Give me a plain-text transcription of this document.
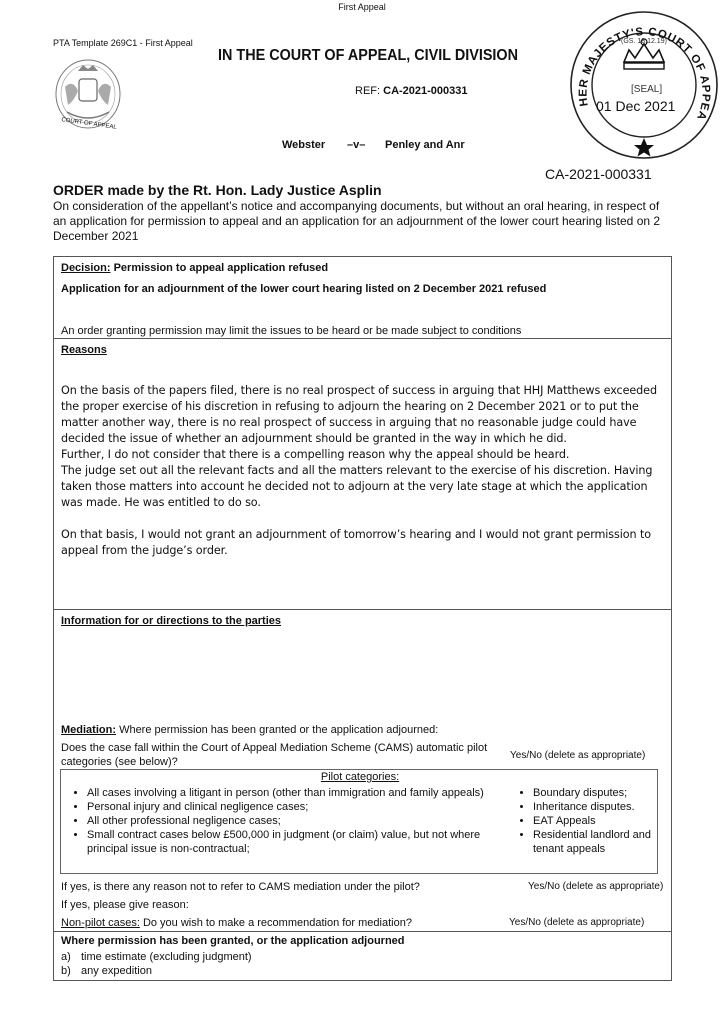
First Appeal
PTA Template 269C1 - First Appeal
IN THE COURT OF APPEAL, CIVIL DIVISION
REF: CA-2021-000331
COURT OF APPEAL
HER MAJESTY'S COURT OF APPEA
(GS. 18.12.19)
[SEAL]
01 Dec 2021
CA-2021-000331
Webster –v– Penley and Anr
ORDER made by the Rt. Hon. Lady Justice Asplin
On consideration of the appellant’s notice and accompanying documents, but without an oral hearing, in respect of an application for permission to appeal and an application for an adjournment of the lower court hearing listed on 2 December 2021
Decision: Permission to appeal application refused
Application for an adjournment of the lower court hearing listed on 2 December 2021 refused
An order granting permission may limit the issues to be heard or be made subject to conditions
Reasons
On the basis of the papers filed, there is no real prospect of success in arguing that HHJ Matthews exceeded the proper exercise of his discretion in refusing to adjourn the hearing on 2 December 2021 or to put the matter another way, there is no real prospect of success in arguing that no reasonable judge could have decided the issue of whether an adjournment should be granted in the way in which he did.
Further, I do not consider that there is a compelling reason why the appeal should be heard.
The judge set out all the relevant facts and all the matters relevant to the exercise of his discretion. Having taken those matters into account he decided not to adjourn at the very late stage at which the application was made. He was entitled to do so.
On that basis, I would not grant an adjournment of tomorrow’s hearing and I would not grant permission to appeal from the judge’s order.
Information for or directions to the parties
Mediation: Where permission has been granted or the application adjourned:
Does the case fall within the Court of Appeal Mediation Scheme (CAMS) automatic pilot categories (see below)?
Yes/No (delete as appropriate)
Pilot categories:
• All cases involving a litigant in person (other than immigration and family appeals)
• Personal injury and clinical negligence cases;
• All other professional negligence cases;
• Small contract cases below £500,000 in judgment (or claim) value, but not where principal issue is non-contractual;
• Boundary disputes;
• Inheritance disputes.
• EAT Appeals
• Residential landlord and tenant appeals
If yes, is there any reason not to refer to CAMS mediation under the pilot?	Yes/No (delete as appropriate)
If yes, please give reason:
Non-pilot cases: Do you wish to make a recommendation for mediation?	Yes/No (delete as appropriate)
Where permission has been granted, or the application adjourned
a) time estimate (excluding judgment)
b) any expedition
